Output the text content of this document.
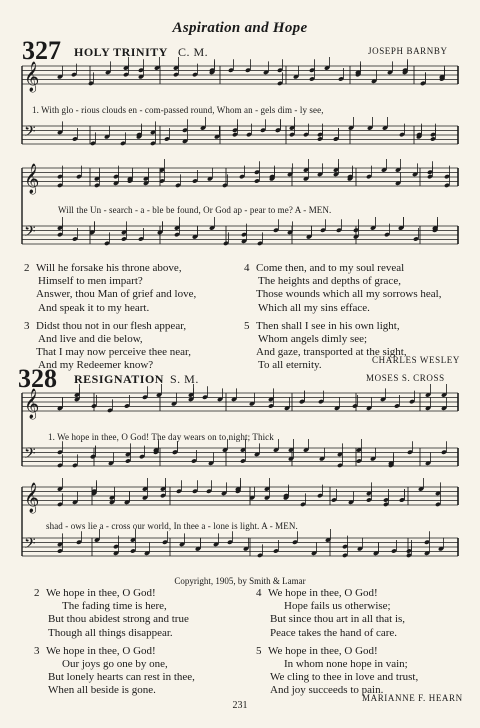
Aspiration and Hope
327 HOLY TRINITY C. M.	JOSEPH BARNBY
𝄞
𝄢
𝄞
𝄢
𝄞
𝄢
𝄞
𝄢
1. With glo - rious clouds en - com-passed round, Whom an - gels dim - ly see,
Will the Un - search - a - ble be found, Or God ap - pear to me? A - MEN.
2 Will he forsake his throne above,
Himself to men impart?
Answer, thou Man of grief and love,
And speak it to my heart.
3 Didst thou not in our flesh appear,
And live and die below,
That I may now perceive thee near,
And my Redeemer know?
4 Come then, and to my soul reveal
The heights and depths of grace,
Those wounds which all my sorrows heal,
Which all my sins efface.
5 Then shall I see in his own light,
Whom angels dimly see;
And gaze, transported at the sight,
To all eternity.	CHARLES WESLEY
328 RESIGNATION S. M.	MOSES S. CROSS
1. We hope in thee, O God! The day wears on to night; Thick
shad - ows lie a - cross our world, In thee a - lone is light. A - MEN.
Copyright, 1905, by Smith & Lamar
2 We hope in thee, O God!
The fading time is here,
But thou abidest strong and true
Though all things disappear.
3 We hope in thee, O God!
Our joys go one by one,
But lonely hearts can rest in thee,
When all beside is gone.
4 We hope in thee, O God!
Hope fails us otherwise;
But since thou art in all that is,
Peace takes the hand of care.
5 We hope in thee, O God!
In whom none hope in vain;
We cling to thee in love and trust,
And joy succeeds to pain.
MARIANNE F. HEARN
231
